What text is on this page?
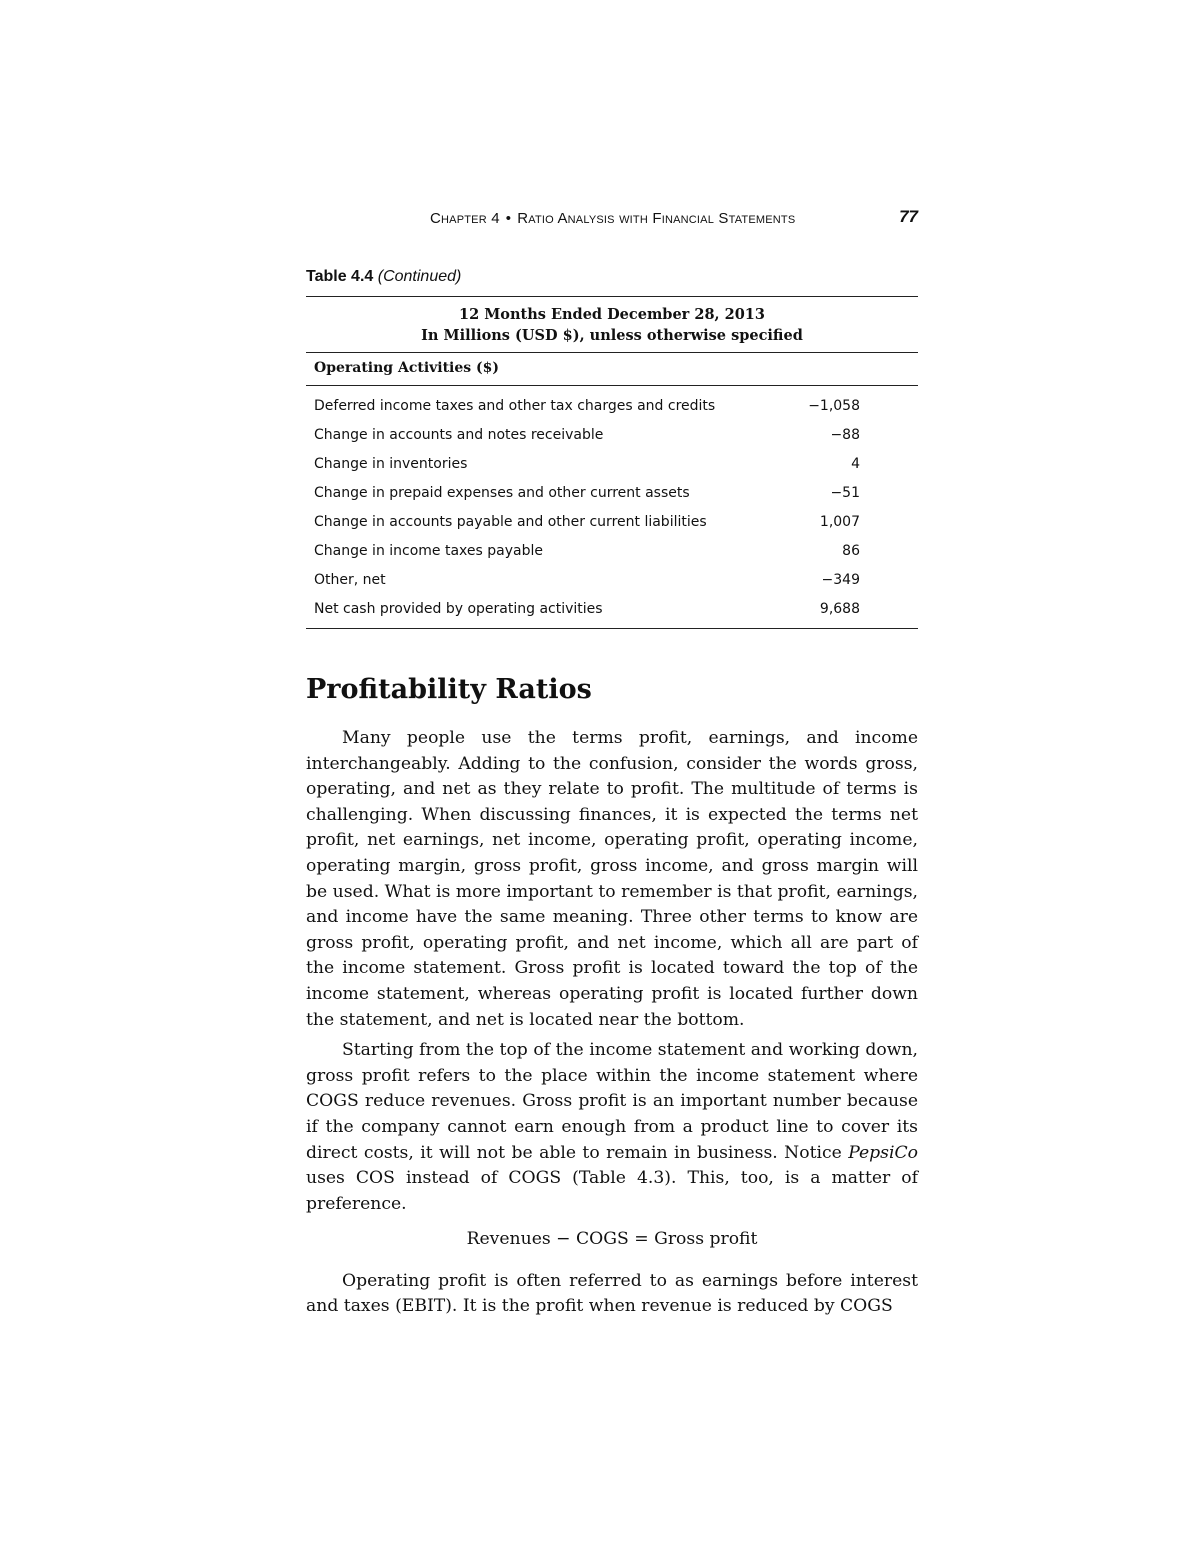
Chapter 4 • Ratio Analysis with Financial Statements	77
Table 4.4 (Continued)
12 Months Ended December 28, 2013
In Millions (USD $), unless otherwise specified
Operating Activities ($)
Deferred income taxes and other tax charges and credits	−1,058
Change in accounts and notes receivable	−88
Change in inventories	4
Change in prepaid expenses and other current assets	−51
Change in accounts payable and other current liabilities	1,007
Change in income taxes payable	86
Other, net	−349
Net cash provided by operating activities	9,688
Profitability Ratios

Many people use the terms profit, earnings, and income interchangeably. Adding to the confusion, consider the words gross, operating, and net as they relate to profit. The multitude of terms is challenging. When discussing finances, it is expected the terms net profit, net earnings, net income, operating profit, operating income, operating margin, gross profit, gross income, and gross margin will be used. What is more important to remember is that profit, earnings, and income have the same meaning. Three other terms to know are gross profit, operating profit, and net income, which all are part of the income statement. Gross profit is located toward the top of the income statement, whereas operating profit is located further down the statement, and net is located near the bottom.

Starting from the top of the income statement and working down, gross profit refers to the place within the income statement where COGS reduce revenues. Gross profit is an important number because if the company cannot earn enough from a product line to cover its direct costs, it will not be able to remain in business. Notice PepsiCo uses COS instead of COGS (Table 4.3). This, too, is a matter of preference.

Revenues − COGS = Gross profit

Operating profit is often referred to as earnings before interest and taxes (EBIT). It is the profit when revenue is reduced by COGS
